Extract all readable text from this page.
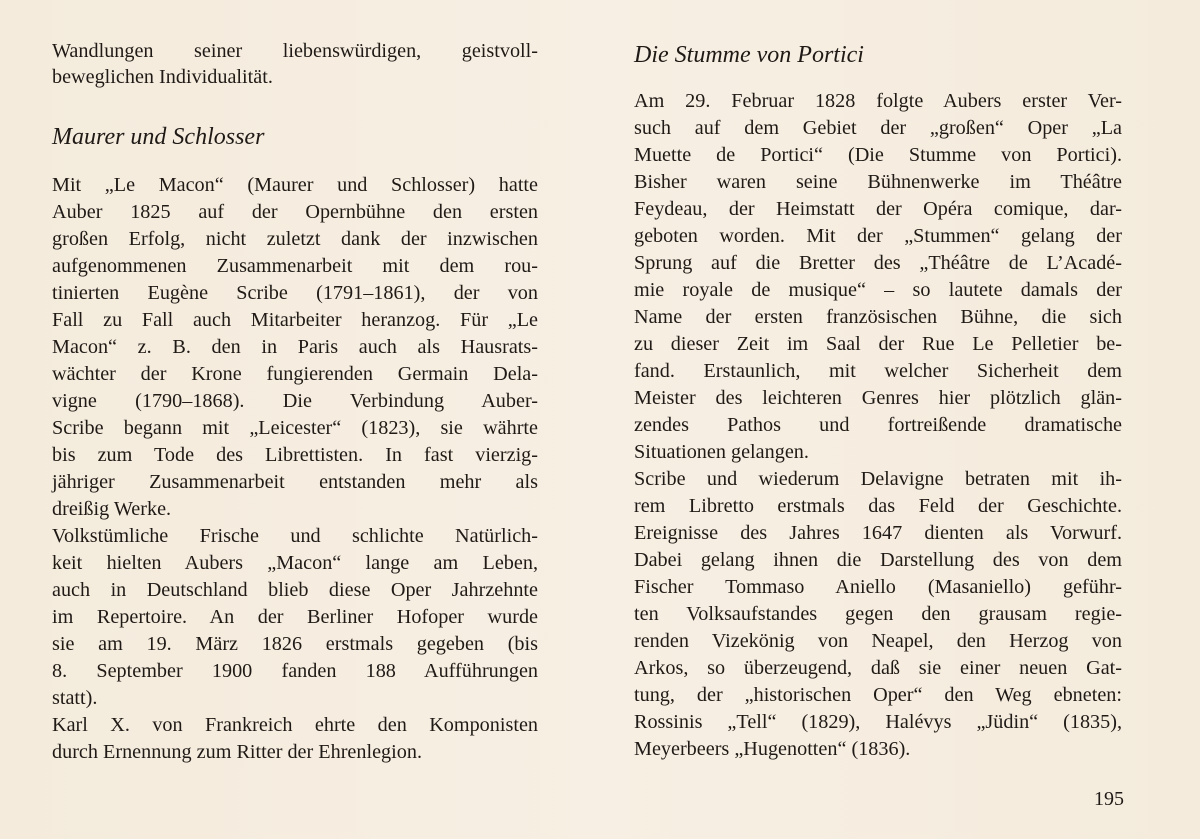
Wandlungen seiner liebenswürdigen, geistvoll-
beweglichen Individualität.
Maurer und Schlosser
Mit „Le Macon“ (Maurer und Schlosser) hatte
Auber 1825 auf der Opernbühne den ersten
großen Erfolg, nicht zuletzt dank der inzwischen
aufgenommenen Zusammenarbeit mit dem rou-
tinierten Eugène Scribe (1791–1861), der von
Fall zu Fall auch Mitarbeiter heranzog. Für „Le
Macon“ z. B. den in Paris auch als Hausrats-
wächter der Krone fungierenden Germain Dela-
vigne (1790–1868). Die Verbindung Auber-
Scribe begann mit „Leicester“ (1823), sie währte
bis zum Tode des Librettisten. In fast vierzig-
jähriger Zusammenarbeit entstanden mehr als
dreißig Werke.
Volkstümliche Frische und schlichte Natürlich-
keit hielten Aubers „Macon“ lange am Leben,
auch in Deutschland blieb diese Oper Jahrzehnte
im Repertoire. An der Berliner Hofoper wurde
sie am 19. März 1826 erstmals gegeben (bis
8. September 1900 fanden 188 Aufführungen
statt).
Karl X. von Frankreich ehrte den Komponisten
durch Ernennung zum Ritter der Ehrenlegion.
Die Stumme von Portici
Am 29. Februar 1828 folgte Aubers erster Ver-
such auf dem Gebiet der „großen“ Oper „La
Muette de Portici“ (Die Stumme von Portici).
Bisher waren seine Bühnenwerke im Théâtre
Feydeau, der Heimstatt der Opéra comique, dar-
geboten worden. Mit der „Stummen“ gelang der
Sprung auf die Bretter des „Théâtre de L’Acadé-
mie royale de musique“ – so lautete damals der
Name der ersten französischen Bühne, die sich
zu dieser Zeit im Saal der Rue Le Pelletier be-
fand. Erstaunlich, mit welcher Sicherheit dem
Meister des leichteren Genres hier plötzlich glän-
zendes Pathos und fortreißende dramatische
Situationen gelangen.
Scribe und wiederum Delavigne betraten mit ih-
rem Libretto erstmals das Feld der Geschichte.
Ereignisse des Jahres 1647 dienten als Vorwurf.
Dabei gelang ihnen die Darstellung des von dem
Fischer Tommaso Aniello (Masaniello) geführ-
ten Volksaufstandes gegen den grausam regie-
renden Vizekönig von Neapel, den Herzog von
Arkos, so überzeugend, daß sie einer neuen Gat-
tung, der „historischen Oper“ den Weg ebneten:
Rossinis „Tell“ (1829), Halévys „Jüdin“ (1835),
Meyerbeers „Hugenotten“ (1836).
195
